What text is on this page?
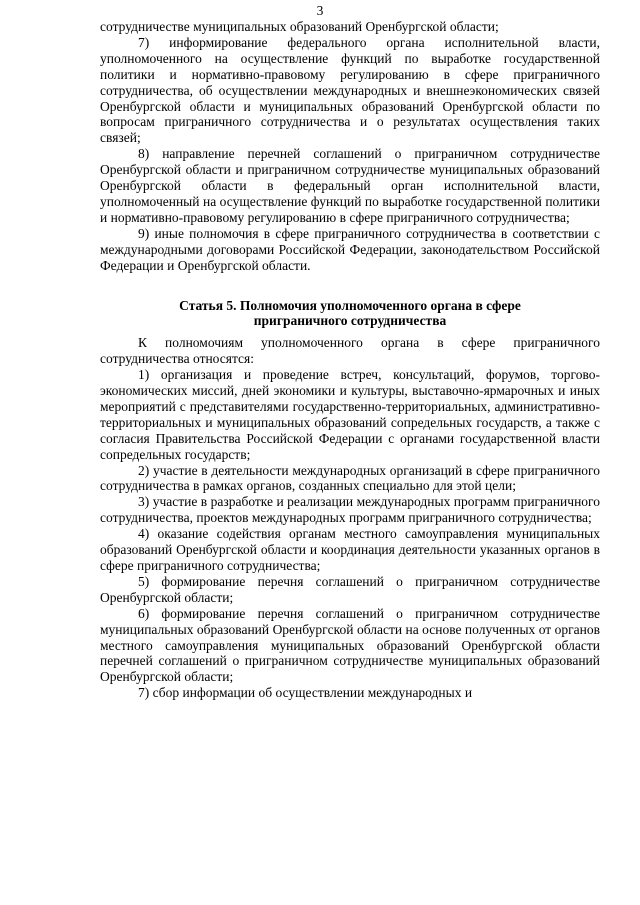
3

сотрудничестве муниципальных образований Оренбургской области;

7) информирование федерального органа исполнительной власти, уполномоченного на осуществление функций по выработке государственной политики и нормативно-правовому регулированию в сфере приграничного сотрудничества, об осуществлении международных и внешнеэкономических связей Оренбургской области и муниципальных образований Оренбургской области по вопросам приграничного сотрудничества и о результатах осуществления таких связей;

8) направление перечней соглашений о приграничном сотрудничестве Оренбургской области и приграничном сотрудничестве муниципальных образований Оренбургской области в федеральный орган исполнительной власти, уполномоченный на осуществление функций по выработке государственной политики и нормативно-правовому регулированию в сфере приграничного сотрудничества;

9) иные полномочия в сфере приграничного сотрудничества в соответствии с международными договорами Российской Федерации, законодательством Российской Федерации и Оренбургской области.

Статья 5. Полномочия уполномоченного органа в сфере
приграничного сотрудничества

К полномочиям уполномоченного органа в сфере приграничного сотрудничества относятся:

1) организация и проведение встреч, консультаций, форумов, торгово-экономических миссий, дней экономики и культуры, выставочно-ярмарочных и иных мероприятий с представителями государственно-территориальных, административно-территориальных и муниципальных образований сопредельных государств, а также с согласия Правительства Российской Федерации с органами государственной власти сопредельных государств;

2) участие в деятельности международных организаций в сфере приграничного сотрудничества в рамках органов, созданных специально для этой цели;

3) участие в разработке и реализации международных программ приграничного сотрудничества, проектов международных программ приграничного сотрудничества;

4) оказание содействия органам местного самоуправления муниципальных образований Оренбургской области и координация деятельности указанных органов в сфере приграничного сотрудничества;

5) формирование перечня соглашений о приграничном сотрудничестве Оренбургской области;

6) формирование перечня соглашений о приграничном сотрудничестве муниципальных образований Оренбургской области на основе полученных от органов местного самоуправления муниципальных образований Оренбургской области перечней соглашений о приграничном сотрудничестве муниципальных образований Оренбургской области;

7) сбор информации об осуществлении международных и
